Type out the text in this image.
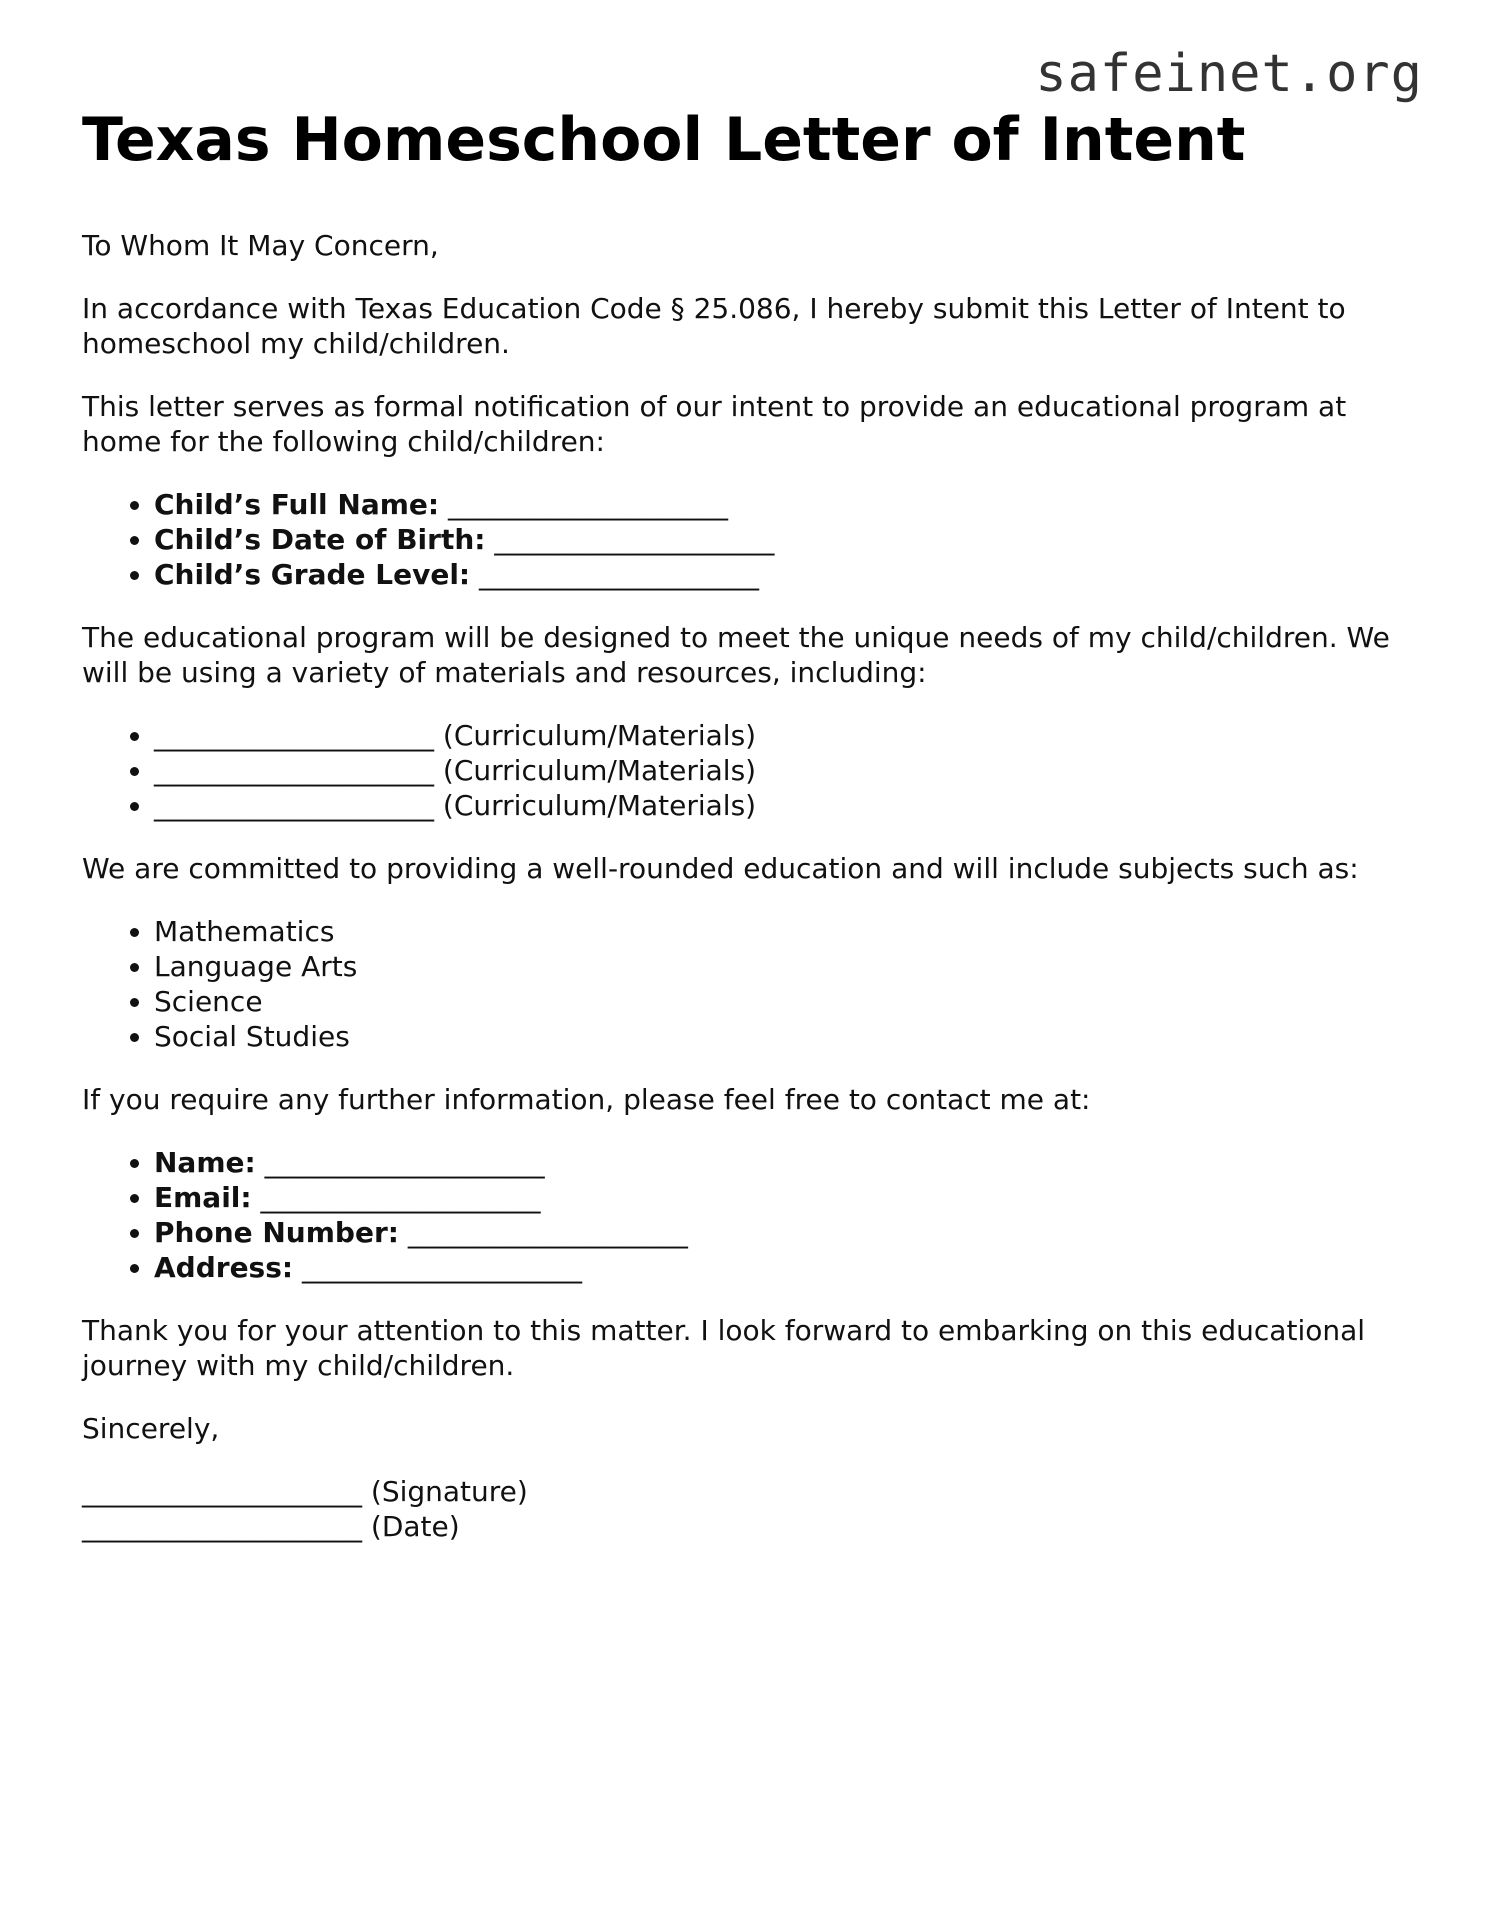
safeinet.org
Texas Homeschool Letter of Intent

To Whom It May Concern,

In accordance with Texas Education Code § 25.086, I hereby submit this Letter of Intent to homeschool my child/children.

This letter serves as formal notification of our intent to provide an educational program at home for the following child/children:

• Child’s Full Name: ____________________
• Child’s Date of Birth: ____________________
• Child’s Grade Level: ____________________

The educational program will be designed to meet the unique needs of my child/children. We will be using a variety of materials and resources, including:

• ____________________ (Curriculum/Materials)
• ____________________ (Curriculum/Materials)
• ____________________ (Curriculum/Materials)

We are committed to providing a well-rounded education and will include subjects such as:

• Mathematics
• Language Arts
• Science
• Social Studies

If you require any further information, please feel free to contact me at:

• Name: ____________________
• Email: ____________________
• Phone Number: ____________________
• Address: ____________________

Thank you for your attention to this matter. I look forward to embarking on this educational journey with my child/children.

Sincerely,

____________________ (Signature)
____________________ (Date)
